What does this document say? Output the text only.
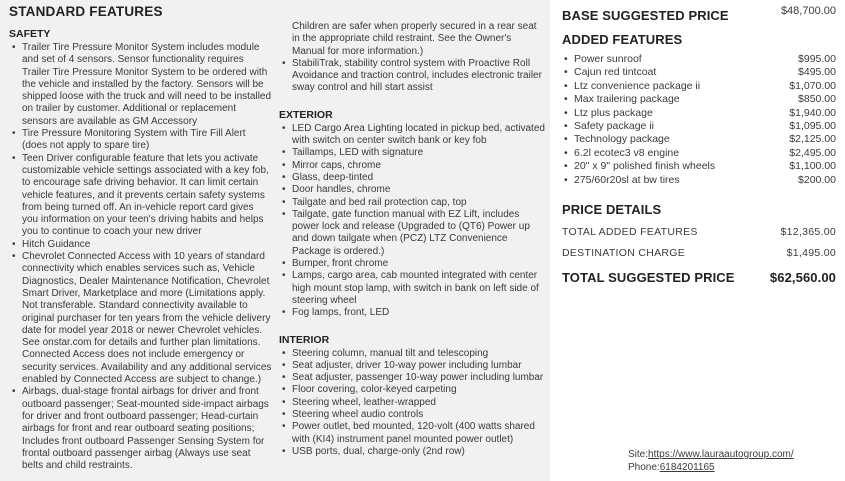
STANDARD FEATURES
SAFETY
• Trailer Tire Pressure Monitor System includes module and set of 4 sensors. Sensor functionality requires Trailer Tire Pressure Monitor System to be ordered with the vehicle and installed by the factory. Sensors will be shipped loose with the truck and will need to be installed on trailer by customer. Additional or replacement sensors are available as GM Accessory
• Tire Pressure Monitoring System with Tire Fill Alert (does not apply to spare tire)
• Teen Driver configurable feature that lets you activate customizable vehicle settings associated with a key fob, to encourage safe driving behavior. It can limit certain vehicle features, and it prevents certain safety systems from being turned off. An in-vehicle report card gives you information on your teen's driving habits and helps you to continue to coach your new driver
• Hitch Guidance
• Chevrolet Connected Access with 10 years of standard connectivity which enables services such as, Vehicle Diagnostics, Dealer Maintenance Notification, Chevrolet Smart Driver, Marketplace and more (Limitations apply. Not transferable. Standard connectivity available to original purchaser for ten years from the vehicle delivery date for model year 2018 or newer Chevrolet vehicles. See onstar.com for details and further plan limitations. Connected Access does not include emergency or security services. Availability and any additional services enabled by Connected Access are subject to change.)
• Airbags, dual-stage frontal airbags for driver and front outboard passenger; Seat-mounted side-impact airbags for driver and front outboard passenger; Head-curtain airbags for front and rear outboard seating positions; Includes front outboard Passenger Sensing System for frontal outboard passenger airbag (Always use seat belts and child restraints.

Children are safer when properly secured in a rear seat in the appropriate child restraint. See the Owner's Manual for more information.)

• StabiliTrak, stability control system with Proactive Roll Avoidance and traction control, includes electronic trailer sway control and hill start assist
EXTERIOR
• LED Cargo Area Lighting located in pickup bed, activated with switch on center switch bank or key fob
• Taillamps, LED with signature
• Mirror caps, chrome
• Glass, deep-tinted
• Door handles, chrome
• Tailgate and bed rail protection cap, top
• Tailgate, gate function manual with EZ Lift, includes power lock and release (Upgraded to (QT6) Power up and down tailgate when (PCZ) LTZ Convenience Package is ordered.)
• Bumper, front chrome
• Lamps, cargo area, cab mounted integrated with center high mount stop lamp, with switch in bank on left side of steering wheel
• Fog lamps, front, LED
INTERIOR
• Steering column, manual tilt and telescoping
• Seat adjuster, driver 10-way power including lumbar
• Seat adjuster, passenger 10-way power including lumbar
• Floor covering, color-keyed carpeting
• Steering wheel, leather-wrapped
• Steering wheel audio controls
• Power outlet, bed mounted, 120-volt (400 watts shared with (KI4) instrument panel mounted power outlet)
• USB ports, dual, charge-only (2nd row)
BASE SUGGESTED PRICE	$48,700.00
ADDED FEATURES
• Power sunroof	$995.00
• Cajun red tintcoat	$495.00
• Ltz convenience package ii	$1,070.00
• Max trailering package	$850.00
• Ltz plus package	$1,940.00
• Safety package ii	$1,095.00
• Technology package	$2,125.00
• 6.2l ecotec3 v8 engine	$2,495.00
• 20" x 9" polished finish wheels	$1,100.00
• 275/60r20sl at bw tires	$200.00
PRICE DETAILS
TOTAL ADDED FEATURES	$12,365.00
DESTINATION CHARGE	$1,495.00
TOTAL SUGGESTED PRICE	$62,560.00
Site:https://www.lauraautogroup.com/
Phone:6184201165
